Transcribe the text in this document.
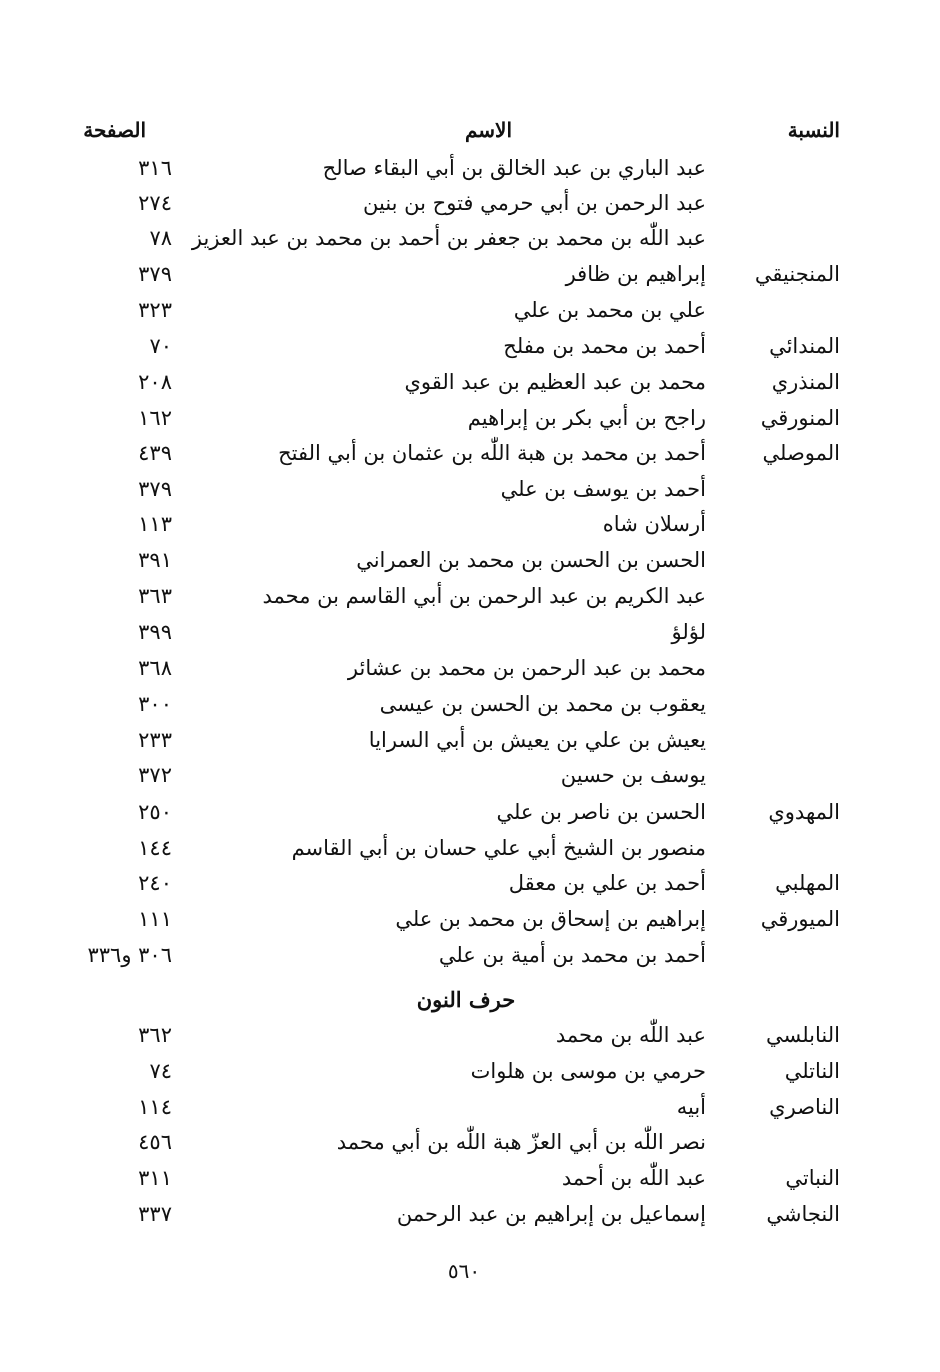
النسبة
الاسم
الصفحة
عبد الباري بن عبد الخالق بن أبي البقاء صالح
٣١٦
عبد الرحمن بن أبي حرمي فتوح بن بنين
٢٧٤
عبد اللّٰه بن محمد بن جعفر بن أحمد بن محمد بن عبد العزيز
٧٨
المنجنيقي
إبراهيم بن ظافر
٣٧٩
علي بن محمد بن علي
٣٢٣
المندائي
أحمد بن محمد بن مفلح
٧٠
المنذري
محمد بن عبد العظيم بن عبد القوي
٢٠٨
المنورقي
راجح بن أبي بكر بن إبراهيم
١٦٢
الموصلي
أحمد بن محمد بن هبة اللّٰه بن عثمان بن أبي الفتح
٤٣٩
أحمد بن يوسف بن علي
٣٧٩
أرسلان شاه
١١٣
الحسن بن الحسن بن محمد بن العمراني
٣٩١
عبد الكريم بن عبد الرحمن بن أبي القاسم بن محمد
٣٦٣
لؤلؤ
٣٩٩
محمد بن عبد الرحمن بن محمد بن عشائر
٣٦٨
يعقوب بن محمد بن الحسن بن عيسى
٣٠٠
يعيش بن علي بن يعيش بن أبي السرايا
٢٣٣
يوسف بن حسين
٣٧٢
المهدوي
الحسن بن ناصر بن علي
٢٥٠
منصور بن الشيخ أبي علي حسان بن أبي القاسم
١٤٤
المهلبي
أحمد بن علي بن معقل
٢٤٠
الميورقي
إبراهيم بن إسحاق بن محمد بن علي
١١١
أحمد بن محمد بن أمية بن علي
٣٠٦ و٣٣٦
حرف النون
النابلسي
عبد اللّٰه بن محمد
٣٦٢
الناتلي
حرمي بن موسى بن هلوات
٧٤
الناصري
أبيه
١١٤
نصر اللّٰه بن أبي العزّ هبة اللّٰه بن أبي محمد
٤٥٦
النباتي
عبد اللّٰه بن أحمد
٣١١
النجاشي
إسماعيل بن إبراهيم بن عبد الرحمن
٣٣٧
٥٦٠
